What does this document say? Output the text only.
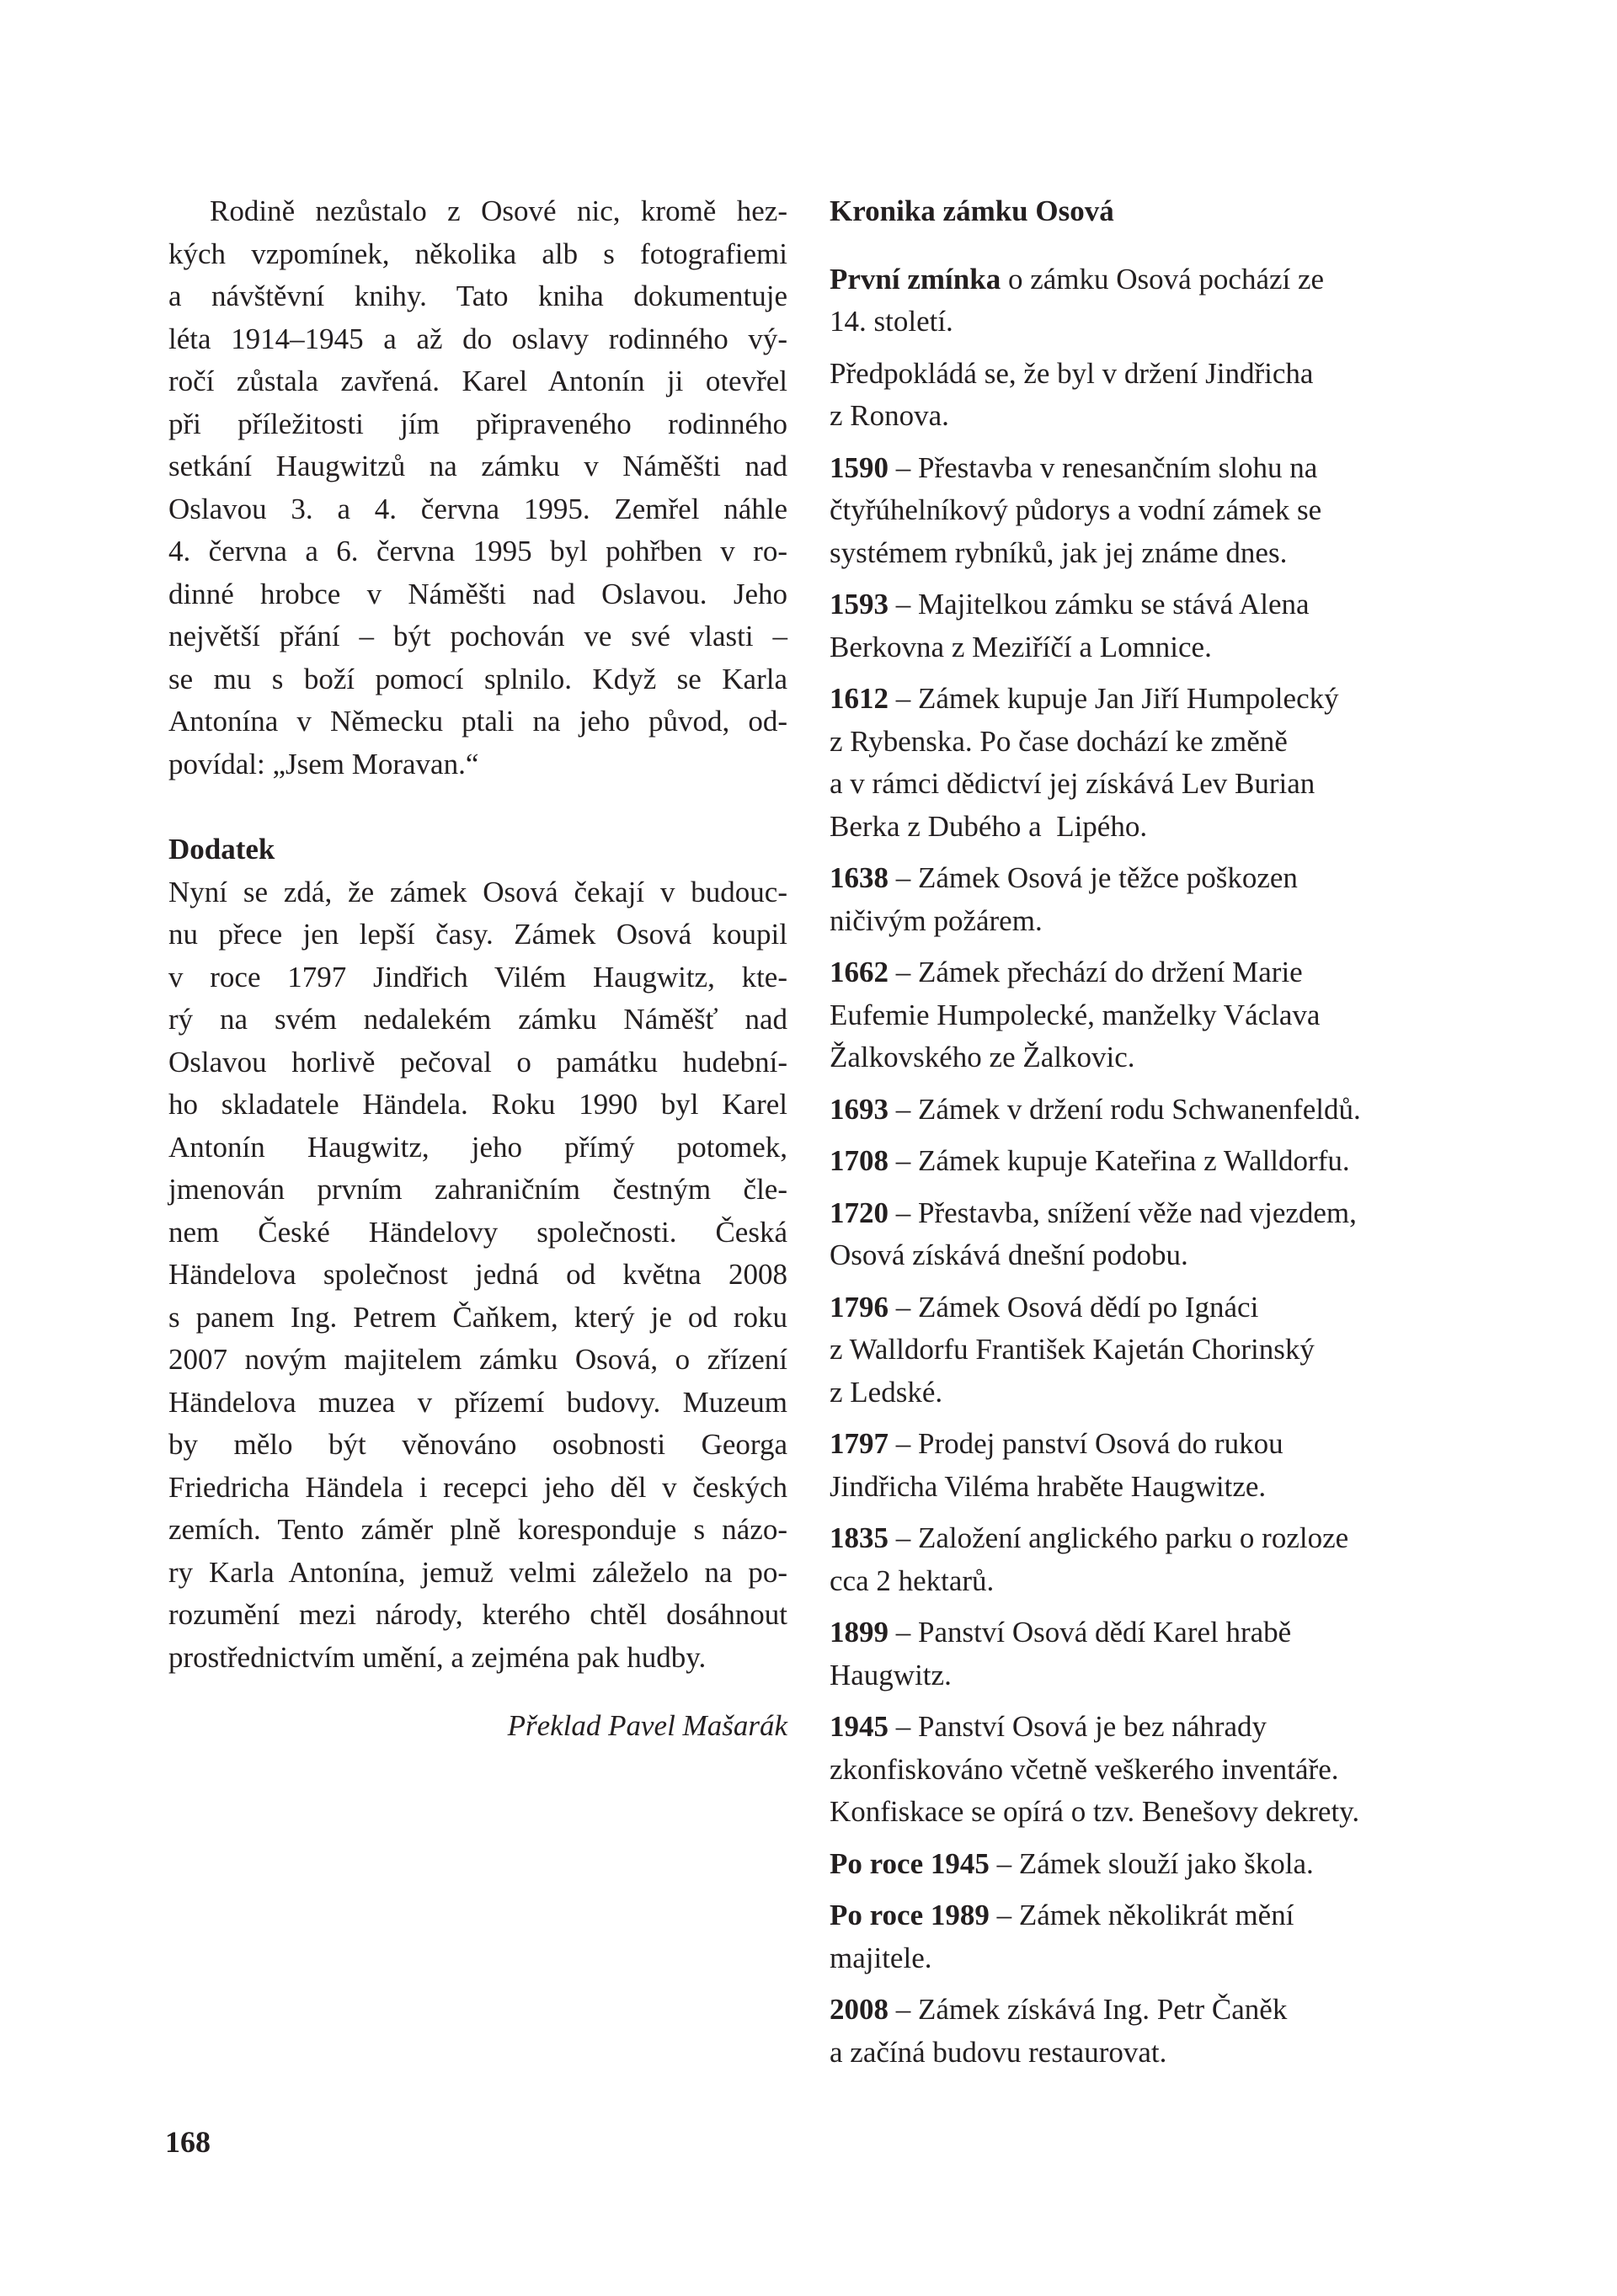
Rodině nezůstalo z Osové nic, kromě hez-
kých vzpomínek, několika alb s fotografiemi
a návštěvní knihy. Tato kniha dokumentuje
léta 1914–1945 a až do oslavy rodinného vý-
ročí zůstala zavřená. Karel Antonín ji otevřel
při příležitosti jím připraveného rodinného
setkání Haugwitzů na zámku v Náměšti nad
Oslavou 3. a 4. června 1995. Zemřel náhle
4. června a 6. června 1995 byl pohřben v ro-
dinné hrobce v Náměšti nad Oslavou. Jeho
největší přání – být pochován ve své vlasti –
se mu s boží pomocí splnilo. Když se Karla
Antonína v Německu ptali na jeho původ, od-
povídal: „Jsem Moravan.“
Dodatek
Nyní se zdá, že zámek Osová čekají v budouc-
nu přece jen lepší časy. Zámek Osová koupil
v roce 1797 Jindřich Vilém Haugwitz, kte-
rý na svém nedalekém zámku Náměšť nad
Oslavou horlivě pečoval o památku hudební-
ho skladatele Händela. Roku 1990 byl Karel
Antonín Haugwitz, jeho přímý potomek,
jmenován prvním zahraničním čestným čle-
nem České Händelovy společnosti. Česká
Händelova společnost jedná od května 2008
s panem Ing. Petrem Čaňkem, který je od roku
2007 novým majitelem zámku Osová, o zřízení
Händelova muzea v přízemí budovy. Muzeum
by mělo být věnováno osobnosti Georga
Friedricha Händela i recepci jeho děl v českých
zemích. Tento záměr plně koresponduje s názo-
ry Karla Antonína, jemuž velmi záleželo na po-
rozumění mezi národy, kterého chtěl dosáhnout
prostřednictvím umění, a zejména pak hudby.
Překlad Pavel Mašarák
Kronika zámku Osová
První zmínka o zámku Osová pochází ze
14. století.
Předpokládá se, že byl v držení Jindřicha
z Ronova.
1590 – Přestavba v renesančním slohu na
čtyřúhelníkový půdorys a vodní zámek se
systémem rybníků, jak jej známe dnes.
1593 – Majitelkou zámku se stává Alena
Berkovna z Meziříčí a Lomnice.
1612 – Zámek kupuje Jan Jiří Humpolecký
z Rybenska. Po čase dochází ke změně
a v rámci dědictví jej získává Lev Burian
Berka z Dubého a  Lipého.
1638 – Zámek Osová je těžce poškozen
ničivým požárem.
1662 – Zámek přechází do držení Marie
Eufemie Humpolecké, manželky Václava
Žalkovského ze Žalkovic.
1693 – Zámek v držení rodu Schwanenfeldů.
1708 – Zámek kupuje Kateřina z Walldorfu.
1720 – Přestavba, snížení věže nad vjezdem,
Osová získává dnešní podobu.
1796 – Zámek Osová dědí po Ignáci
z Walldorfu František Kajetán Chorinský
z Ledské.
1797 – Prodej panství Osová do rukou
Jindřicha Viléma hraběte Haugwitze.
1835 – Založení anglického parku o rozloze
cca 2 hektarů.
1899 – Panství Osová dědí Karel hrabě
Haugwitz.
1945 – Panství Osová je bez náhrady
zkonfiskováno včetně veškerého inventáře.
Konfiskace se opírá o tzv. Benešovy dekrety.
Po roce 1945 – Zámek slouží jako škola.
Po roce 1989 – Zámek několikrát mění
majitele.
2008 – Zámek získává Ing. Petr Čaněk
a začíná budovu restaurovat.
168
